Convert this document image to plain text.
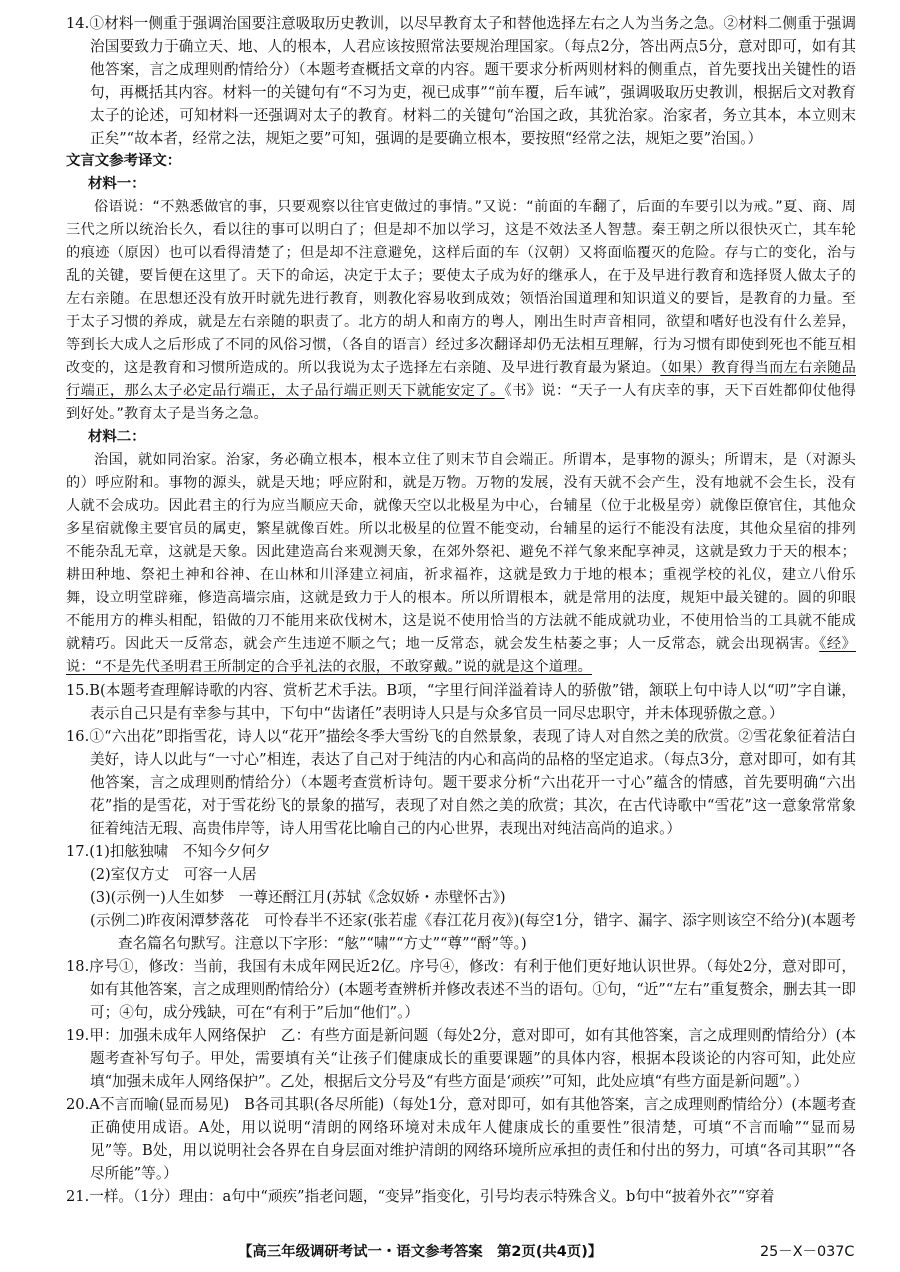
14.①材料一侧重于强调治国要注意吸取历史教训，以尽早教育太子和替他选择左右之人为当务之急。②材料二侧重于强调治国要致力于确立天、地、人的根本，人君应该按照常法要规治理国家。（每点2分，答出两点5分，意对即可，如有其他答案，言之成理则酌情给分）（本题考查概括文章的内容。题干要求分析两则材料的侧重点，首先要找出关键性的语句，再概括其内容。材料一的关键句有“不习为吏，视已成事”“前车覆，后车诫”，强调吸取历史教训，根据后文对教育太子的论述，可知材料一还强调对太子的教育。材料二的关键句“治国之政，其犹治家。治家者，务立其本，本立则末正矣”“故本者，经常之法，规矩之要”可知，强调的是要确立根本，要按照“经常之法，规矩之要”治国。）

文言文参考译文：

材料一：

俗语说：“不熟悉做官的事，只要观察以往官吏做过的事情。”又说：“前面的车翻了，后面的车要引以为戒。”夏、商、周三代之所以统治长久，看以往的事可以明白了；但是却不加以学习，这是不效法圣人智慧。秦王朝之所以很快灭亡，其车轮的痕迹（原因）也可以看得清楚了；但是却不注意避免，这样后面的车（汉朝）又将面临覆灭的危险。存与亡的变化，治与乱的关键，要旨便在这里了。天下的命运，决定于太子；要使太子成为好的继承人，在于及早进行教育和选择贤人做太子的左右亲随。在思想还没有放开时就先进行教育，则教化容易收到成效；领悟治国道理和知识道义的要旨，是教育的力量。至于太子习惯的养成，就是左右亲随的职责了。北方的胡人和南方的粤人，刚出生时声音相同，欲望和嗜好也没有什么差异，等到长大成人之后形成了不同的风俗习惯，（各自的语言）经过多次翻译却仍无法相互理解，行为习惯有即使到死也不能互相改变的，这是教育和习惯所造成的。所以我说为太子选择左右亲随、及早进行教育最为紧迫。（如果）教育得当而左右亲随品行端正，那么太子必定品行端正，太子品行端正则天下就能安定了。《书》说：“天子一人有庆幸的事，天下百姓都仰仗他得到好处。”教育太子是当务之急。

材料二：

治国，就如同治家。治家，务必确立根本，根本立住了则末节自会端正。所谓本，是事物的源头；所谓末，是（对源头的）呼应附和。事物的源头，就是天地；呼应附和，就是万物。万物的发展，没有天就不会产生，没有地就不会生长，没有人就不会成功。因此君主的行为应当顺应天命，就像天空以北极星为中心，台辅星（位于北极星旁）就像臣僚官住，其他众多星宿就像主要官员的属吏，繁星就像百姓。所以北极星的位置不能变动，台辅星的运行不能没有法度，其他众星宿的排列不能杂乱无章，这就是天象。因此建造高台来观测天象，在郊外祭祀、避免不祥气象来配享神灵，这就是致力于天的根本；耕田种地、祭祀土神和谷神、在山林和川泽建立祠庙，祈求福祚，这就是致力于地的根本；重视学校的礼仪，建立八佾乐舞，设立明堂辟雍，修造高墙宗庙，这就是致力于人的根本。所以所谓根本，就是常用的法度，规矩中最关键的。圆的卯眼不能用方的榫头相配，铅做的刀不能用来砍伐树木，这是说不使用恰当的方法就不能成就功业，不使用恰当的工具就不能成就精巧。因此天一反常态，就会产生违逆不顺之气；地一反常态，就会发生枯萎之事；人一反常态，就会出现祸害。《经》说：“不是先代圣明君王所制定的合乎礼法的衣服，不敢穿戴。”说的就是这个道理。

15.B(本题考查理解诗歌的内容、赏析艺术手法。B项，“字里行间洋溢着诗人的骄傲”错，颔联上句中诗人以“叨”字自谦，表示自己只是有幸参与其中，下句中“齿诸任”表明诗人只是与众多官员一同尽忠职守，并未体现骄傲之意。）

16.①“六出花”即指雪花，诗人以“花开”描绘冬季大雪纷飞的自然景象，表现了诗人对自然之美的欣赏。②雪花象征着洁白美好，诗人以此与“一寸心”相连，表达了自己对于纯洁的内心和高尚的品格的坚定追求。（每点3分，意对即可，如有其他答案，言之成理则酌情给分）（本题考查赏析诗句。题干要求分析“六出花开一寸心”蕴含的情感，首先要明确“六出花”指的是雪花，对于雪花纷飞的景象的描写，表现了对自然之美的欣赏；其次，在古代诗歌中“雪花”这一意象常常象征着纯洁无瑕、高贵伟岸等，诗人用雪花比喻自己的内心世界，表现出对纯洁高尚的追求。）

17.(1)扣舷独啸　不知今夕何夕

(2)室仅方丈　可容一人居

(3)(示例一)人生如梦　一尊还酹江月(苏轼《念奴娇・赤壁怀古》)

(示例二)昨夜闲潭梦落花　可怜春半不还家(张若虚《春江花月夜》)(每空1分，错字、漏字、添字则该空不给分)(本题考查名篇名句默写。注意以下字形：“舷”“啸”“方丈”“尊”“酹”等。)

18.序号①，修改：当前，我国有未成年网民近2亿。序号④，修改：有利于他们更好地认识世界。（每处2分，意对即可，如有其他答案，言之成理则酌情给分）(本题考查辨析并修改表述不当的语句。①句，“近”“左右”重复赘余，删去其一即可；④句，成分残缺，可在“有利于”后加“他们”。）

19.甲：加强未成年人网络保护　乙：有些方面是新问题（每处2分，意对即可，如有其他答案，言之成理则酌情给分）(本题考查补写句子。甲处，需要填有关“让孩子们健康成长的重要课题”的具体内容，根据本段谈论的内容可知，此处应填“加强未成年人网络保护”。乙处，根据后文分号及“有些方面是‘顽疾’”可知，此处应填“有些方面是新问题”。）

20.A不言而喻(显而易见)　B各司其职(各尽所能)（每处1分，意对即可，如有其他答案，言之成理则酌情给分）(本题考查正确使用成语。A处，用以说明“清朗的网络环境对未成年人健康成长的重要性”很清楚，可填“不言而喻”“显而易见”等。B处，用以说明社会各界在自身层面对维护清朗的网络环境所应承担的责任和付出的努力，可填“各司其职”“各尽所能”等。）

21.一样。（1分）理由：a句中“顽疾”指老问题，“变异”指变化，引号均表示特殊含义。b句中“披着外衣”“穿着

【高三年级调研考试一・语文参考答案　第2页(共4页)】	25－X－037C
